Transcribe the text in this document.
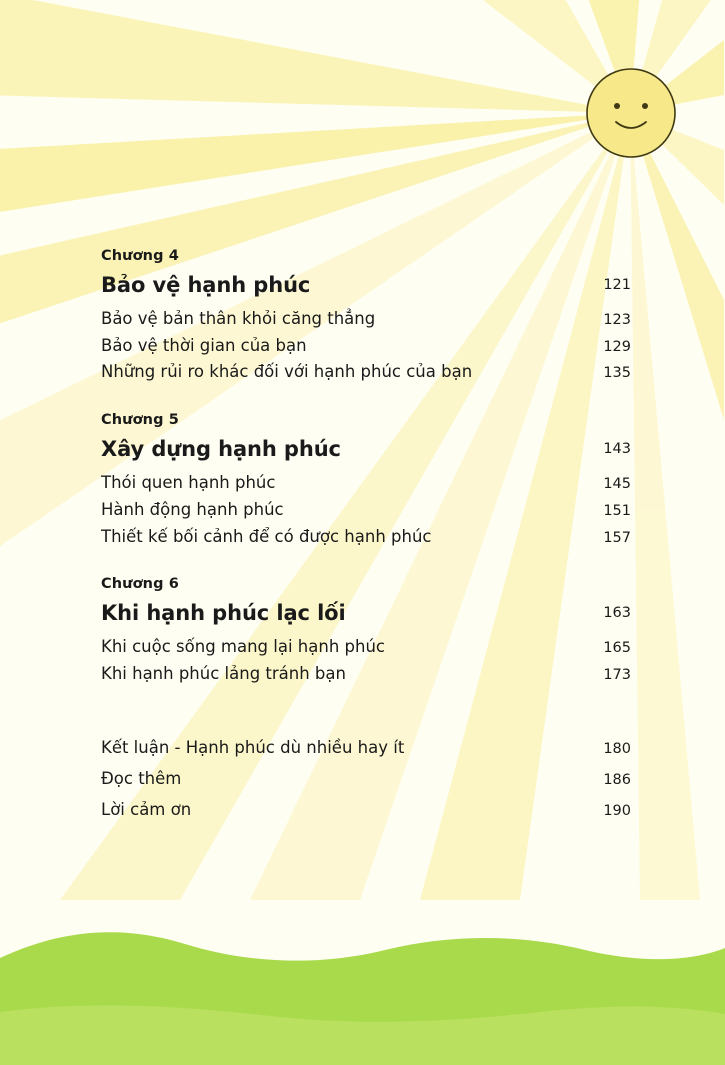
Chương 4
Bảo vệ hạnh phúc	121
Bảo vệ bản thân khỏi căng thẳng	123
Bảo vệ thời gian của bạn	129
Những rủi ro khác đối với hạnh phúc của bạn	135
Chương 5
Xây dựng hạnh phúc	143
Thói quen hạnh phúc	145
Hành động hạnh phúc	151
Thiết kế bối cảnh để có được hạnh phúc	157
Chương 6
Khi hạnh phúc lạc lối	163
Khi cuộc sống mang lại hạnh phúc	165
Khi hạnh phúc lảng tránh bạn	173
Kết luận - Hạnh phúc dù nhiều hay ít	180
Đọc thêm	186
Lời cảm ơn	190
